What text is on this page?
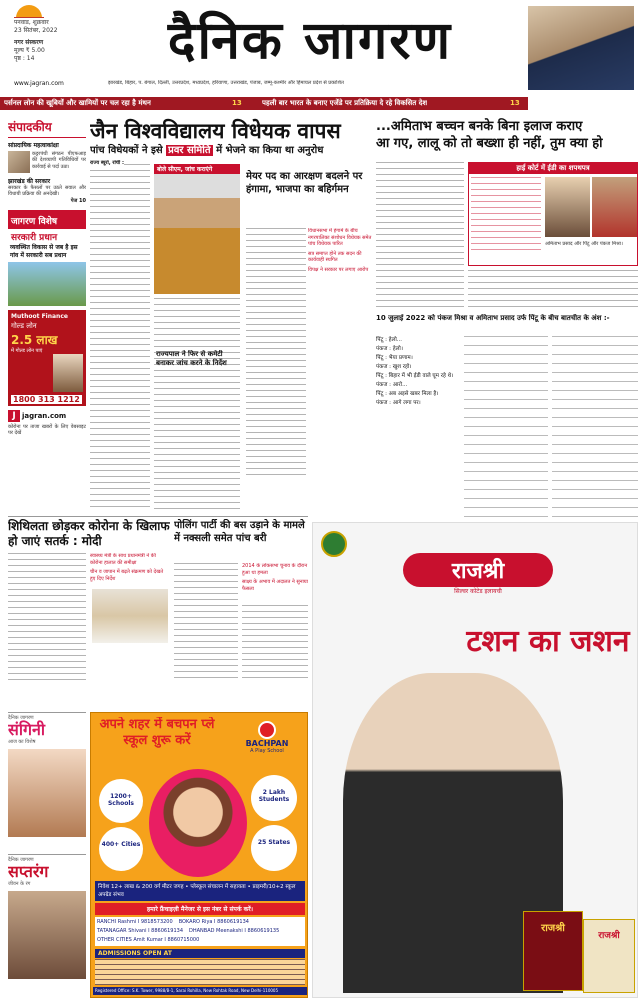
पनवाड, शुक्रवार
23 सितंबर, 2022
नगर संस्करण
मूल्य ₹ 5.00
पृष्ठ : 14
www.jagran.com
दैनिक जागरण
झारखंड, बिहार, प. बंगाल, दिल्ली, उत्तरप्रदेश, मध्यप्रदेश, हरियाणा, उत्तराखंड, पंजाब, जम्मू-कश्मीर और हिमाचल प्रदेश से प्रकाशित
पर्सनल लोन की खूबियों और खामियों पर चल रहा है मंथन	13	पहली बार भारत के बनाए एजेंडे पर प्रतिक्रिया दे रहे विकसित देश	13
संपादकीय
सांप्रदायिक महत्वाकांक्षा
कट्टरपंथी संगठन पीएफआइ की देशव्यापी गतिविधियों पर कार्रवाई से पर्दा उठा।
झारखंड की सरकार
सरकार के फैसलों पर उठते सवाल और विधायी प्रक्रिया की अनदेखी।
पेज 10
जागरण विशेष
सरकारी प्रधान
व्यवस्थित विकास से जब है इस गांव में सरकारी सब प्रधान
Muthoot Finance
गोल्ड लोन
2.5 लाख
में गोल्ड लोन पाएं
1800 313 1212
J jagran.com
कोरोना पर ताजा खबरों के लिए वेबसाइट पर देखें
जैन विश्वविद्यालय विधेयक वापस
पांच विधेयकों ने इसे प्रवर समिति में भेजने का किया था अनुरोध
राज्य ब्यूरो, रांची :
बोले सीएम, जांच कराएंगे
मेयर पद का आरक्षण बदलने पर हंगामा, भाजपा का बहिर्गमन
विधानसभा में हंगामे के बीच नगरपालिका संशोधन विधेयक समेत पांच विधेयक पारित
सत्र समाप्त होने तक सदन की कार्यवाही स्थगित
विपक्ष ने सरकार पर लगाए आरोप
राज्यपाल ने फिर से कमेटी बनाकर जांच करने के निर्देश
...अमिताभ बच्चन बनके बिना इलाज कराए
आ गए, लालू को तो बख्शा ही नहीं, तुम क्या हो
हाई कोर्ट में ईडी का शपथपत्र
अमिताभ प्रसाद और पिंटू और पंकज मिश्रा।
10 जुलाई 2022 को पंकज मिश्रा व अमिताभ प्रसाद उर्फ पिंटू के बीच बातचीत के अंश :-
पिंटू : हेलो...
पंकज : हेलो।
पिंटू : भैया प्रणाम।
पंकज : खुश रहो।
पिंटू : बिहार में भी ईडी वाले घूम रहे थे।
पंकज : आरो...
पिंटू : अब अइसे खबर मिला है।
पंकज : आगे लगा पर।
शिथिलता छोड़कर कोरोना के खिलाफ हो जाएं सतर्क : मोदी
स्वास्थ्य मंत्री के साथ प्रधानमंत्री ने की कोरोना हालात की समीक्षा
चीन व जापान में बढ़ते संक्रमण को देखते हुए दिए निर्देश
पोलिंग पार्टी की बस उड़ाने के मामले में नक्सली समेत पांच बरी
2014 के लोकसभा चुनाव के दौरान हुआ था हमला
साक्ष्य के अभाव में अदालत ने सुनाया फैसला
दैनिक जागरण
संगिनी
आज का विशेष
दैनिक जागरण
सप्तरंग
जीवन के रंग
अपने शहर में बचपन प्ले स्कूल शुरू करें	BACHPAN
A Play School
1200+ Schools
2 Lakh Students
400+ Cities	25 States
निवेश 12+ लाख & 200 वर्ग मीटर जगह • प्लेस्कूल संचालन में सहायता • प्राइमरी/10+2 स्कूल अपग्रेड संभव
हमारे फ्रैंचाइज़ी मैनेजर से इस नंबर से संपर्क करें।
RANCHI Rashmi I 9818573200 BOKARO Riya I 8860619134
TATANAGAR Shivani I 8860619134 DHANBAD Meenakshi I 8860619135
OTHER CITIES Amit Kumar I 8860715000
ADMISSIONS OPEN AT
Registered Office: S.K. Tower, 9988/B-1, Sarai Rohilla, New Rohtak Road, New Delhi-110005
राजश्री
सिल्वर कोटेड इलायची
टशन का जशन
राजश्री
राजश्री
